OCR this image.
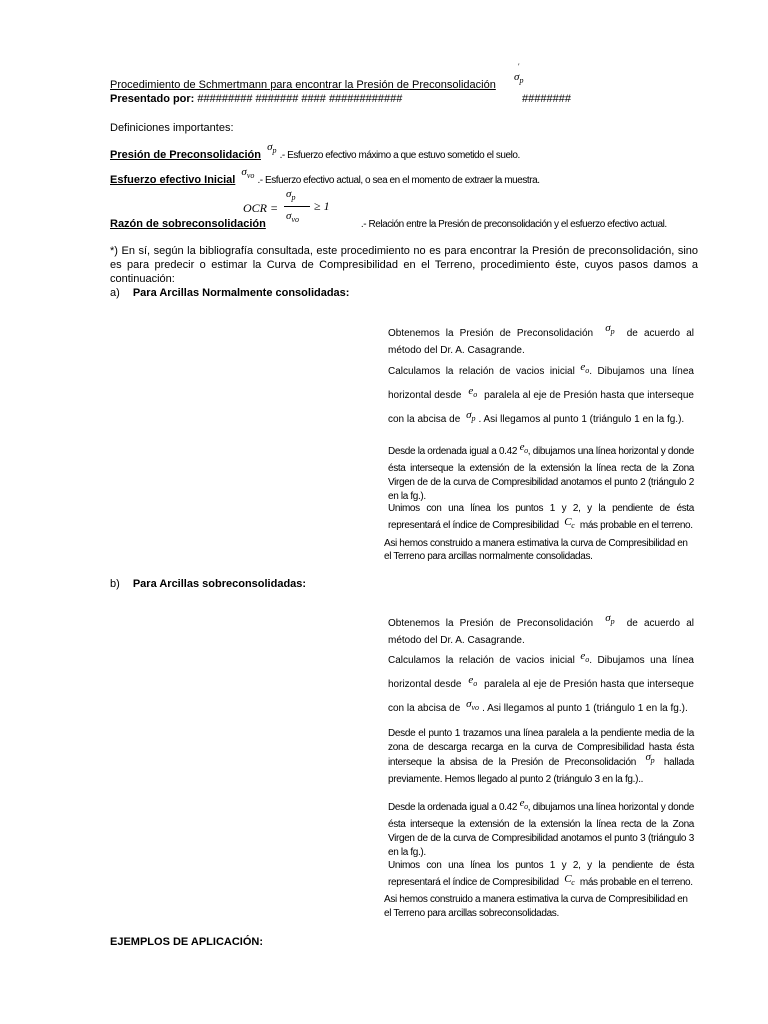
Procedimiento de Schmertmann para encontrar la Presión de Preconsolidación
$\sigma_p'$
Presentado por: ######### ####### #### ############	########
Definiciones importantes:
Presión de Preconsolidación $\sigma_p$ .- Esfuerzo efectivo máximo a que estuvo sometido el suelo.
Esfuerzo efectivo Inicial $\sigma_{vo}$ .- Esfuerzo efectivo actual, o sea en el momento de extraer la muestra.
OCR =
$\sigma_p$
$\sigma_{vo}$
≥ 1
Razón de sobreconsolidación	.- Relación entre la Presión de preconsolidación y el esfuerzo efectivo actual.
*) En sí, según la bibliografía consultada, este procedimiento no es para encontrar la Presión de preconsolidación, sino es para predecir o estimar la Curva de Compresibilidad en el Terreno, procedimiento éste, cuyos pasos damos a continuación:
a) Para Arcillas Normalmente consolidadas:
Obtenemos la Presión de Preconsolidación $\sigma_p$ de acuerdo al método del Dr. A. Casagrande.
Calculamos la relación de vacios inicial $e_o$. Dibujamos una línea horizontal desde $e_o$ paralela al eje de Presión hasta que interseque con la abcisa de $\sigma_p$ . Asi llegamos al punto 1 (triángulo 1 en la fg.).
Desde la ordenada igual a 0.42 $e_o$, dibujamos una línea horizontal y donde ésta interseque la extensión de la extensión la línea recta de la Zona Virgen de de la curva de Compresibilidad anotamos el punto 2 (triángulo 2 en la fg.).
Unimos con una línea los puntos 1 y 2, y la pendiente de ésta representará el índice de Compresibilidad $C_c$ más probable en el terreno.
Asi hemos construido a manera estimativa la curva de Compresibilidad en el Terreno para arcillas normalmente consolidadas.
b) Para Arcillas sobreconsolidadas:
Obtenemos la Presión de Preconsolidación $\sigma_p$ de acuerdo al método del Dr. A. Casagrande.
Calculamos la relación de vacios inicial $e_o$. Dibujamos una línea horizontal desde $e_o$ paralela al eje de Presión hasta que interseque con la abcisa de $\sigma_{vo}$ . Asi llegamos al punto 1 (triángulo 1 en la fg.).
Desde el punto 1 trazamos una línea paralela a la pendiente media de la zona de descarga recarga en la curva de Compresibilidad hasta ésta interseque la absisa de la Presión de Preconsolidación $\sigma_p$ hallada previamente. Hemos llegado al punto 2 (triángulo 3 en la fg.)..
Desde la ordenada igual a 0.42 $e_o$, dibujamos una línea horizontal y donde ésta interseque la extensión de la extensión la línea recta de la Zona Virgen de de la curva de Compresibilidad anotamos el punto 3 (triángulo 3 en la fg.).
Unimos con una línea los puntos 1 y 2, y la pendiente de ésta representará el índice de Compresibilidad $C_c$ más probable en el terreno.
Asi hemos construido a manera estimativa la curva de Compresibilidad en el Terreno para arcillas sobreconsolidadas.
EJEMPLOS DE APLICACIÓN:
